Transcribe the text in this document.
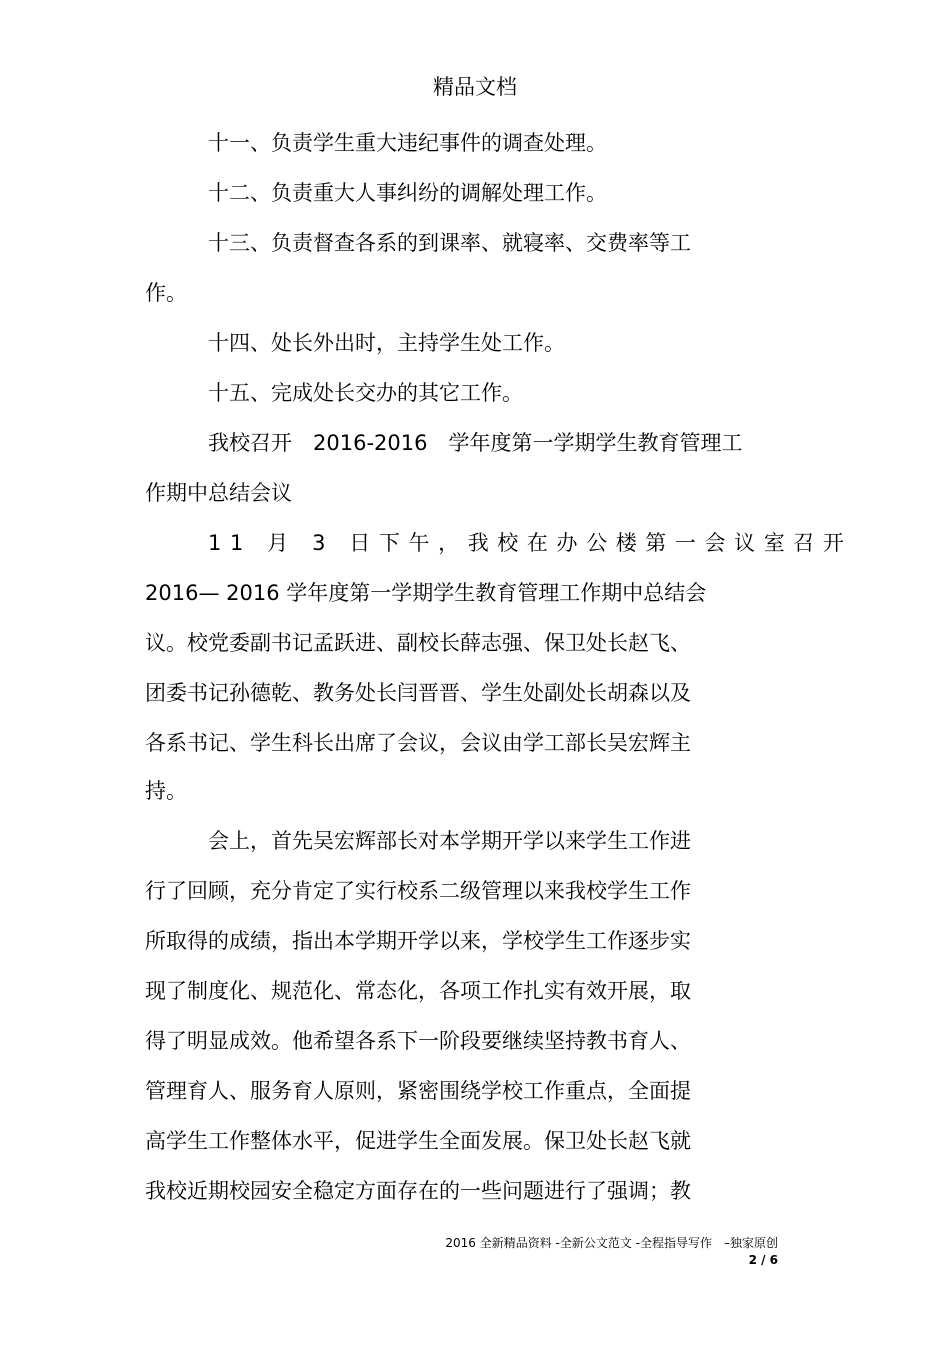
精品文档
十一、负责学生重大违纪事件的调查处理。
十二、负责重大人事纠纷的调解处理工作。
十三、负责督查各系的到课率、就寝率、交费率等工
作。
十四、处长外出时，主持学生处工作。
十五、完成处长交办的其它工作。
我校召开　2016-2016　学年度第一学期学生教育管理工
作期中总结会议
11 月 3 日下午，我校在办公楼第一会议室召开
2016— 2016 学年度第一学期学生教育管理工作期中总结会
议。校党委副书记孟跃进、副校长薛志强、保卫处长赵飞、
团委书记孙德乾、教务处长闫晋晋、学生处副处长胡森以及
各系书记、学生科长出席了会议，会议由学工部长吴宏辉主
持。
会上，首先吴宏辉部长对本学期开学以来学生工作进
行了回顾，充分肯定了实行校系二级管理以来我校学生工作
所取得的成绩，指出本学期开学以来，学校学生工作逐步实
现了制度化、规范化、常态化，各项工作扎实有效开展，取
得了明显成效。他希望各系下一阶段要继续坚持教书育人、
管理育人、服务育人原则，紧密围绕学校工作重点，全面提
高学生工作整体水平，促进学生全面发展。保卫处长赵飞就
我校近期校园安全稳定方面存在的一些问题进行了强调；教
2016 全新精品资料 -全新公文范文 -全程指导写作　–独家原创
2 / 6
